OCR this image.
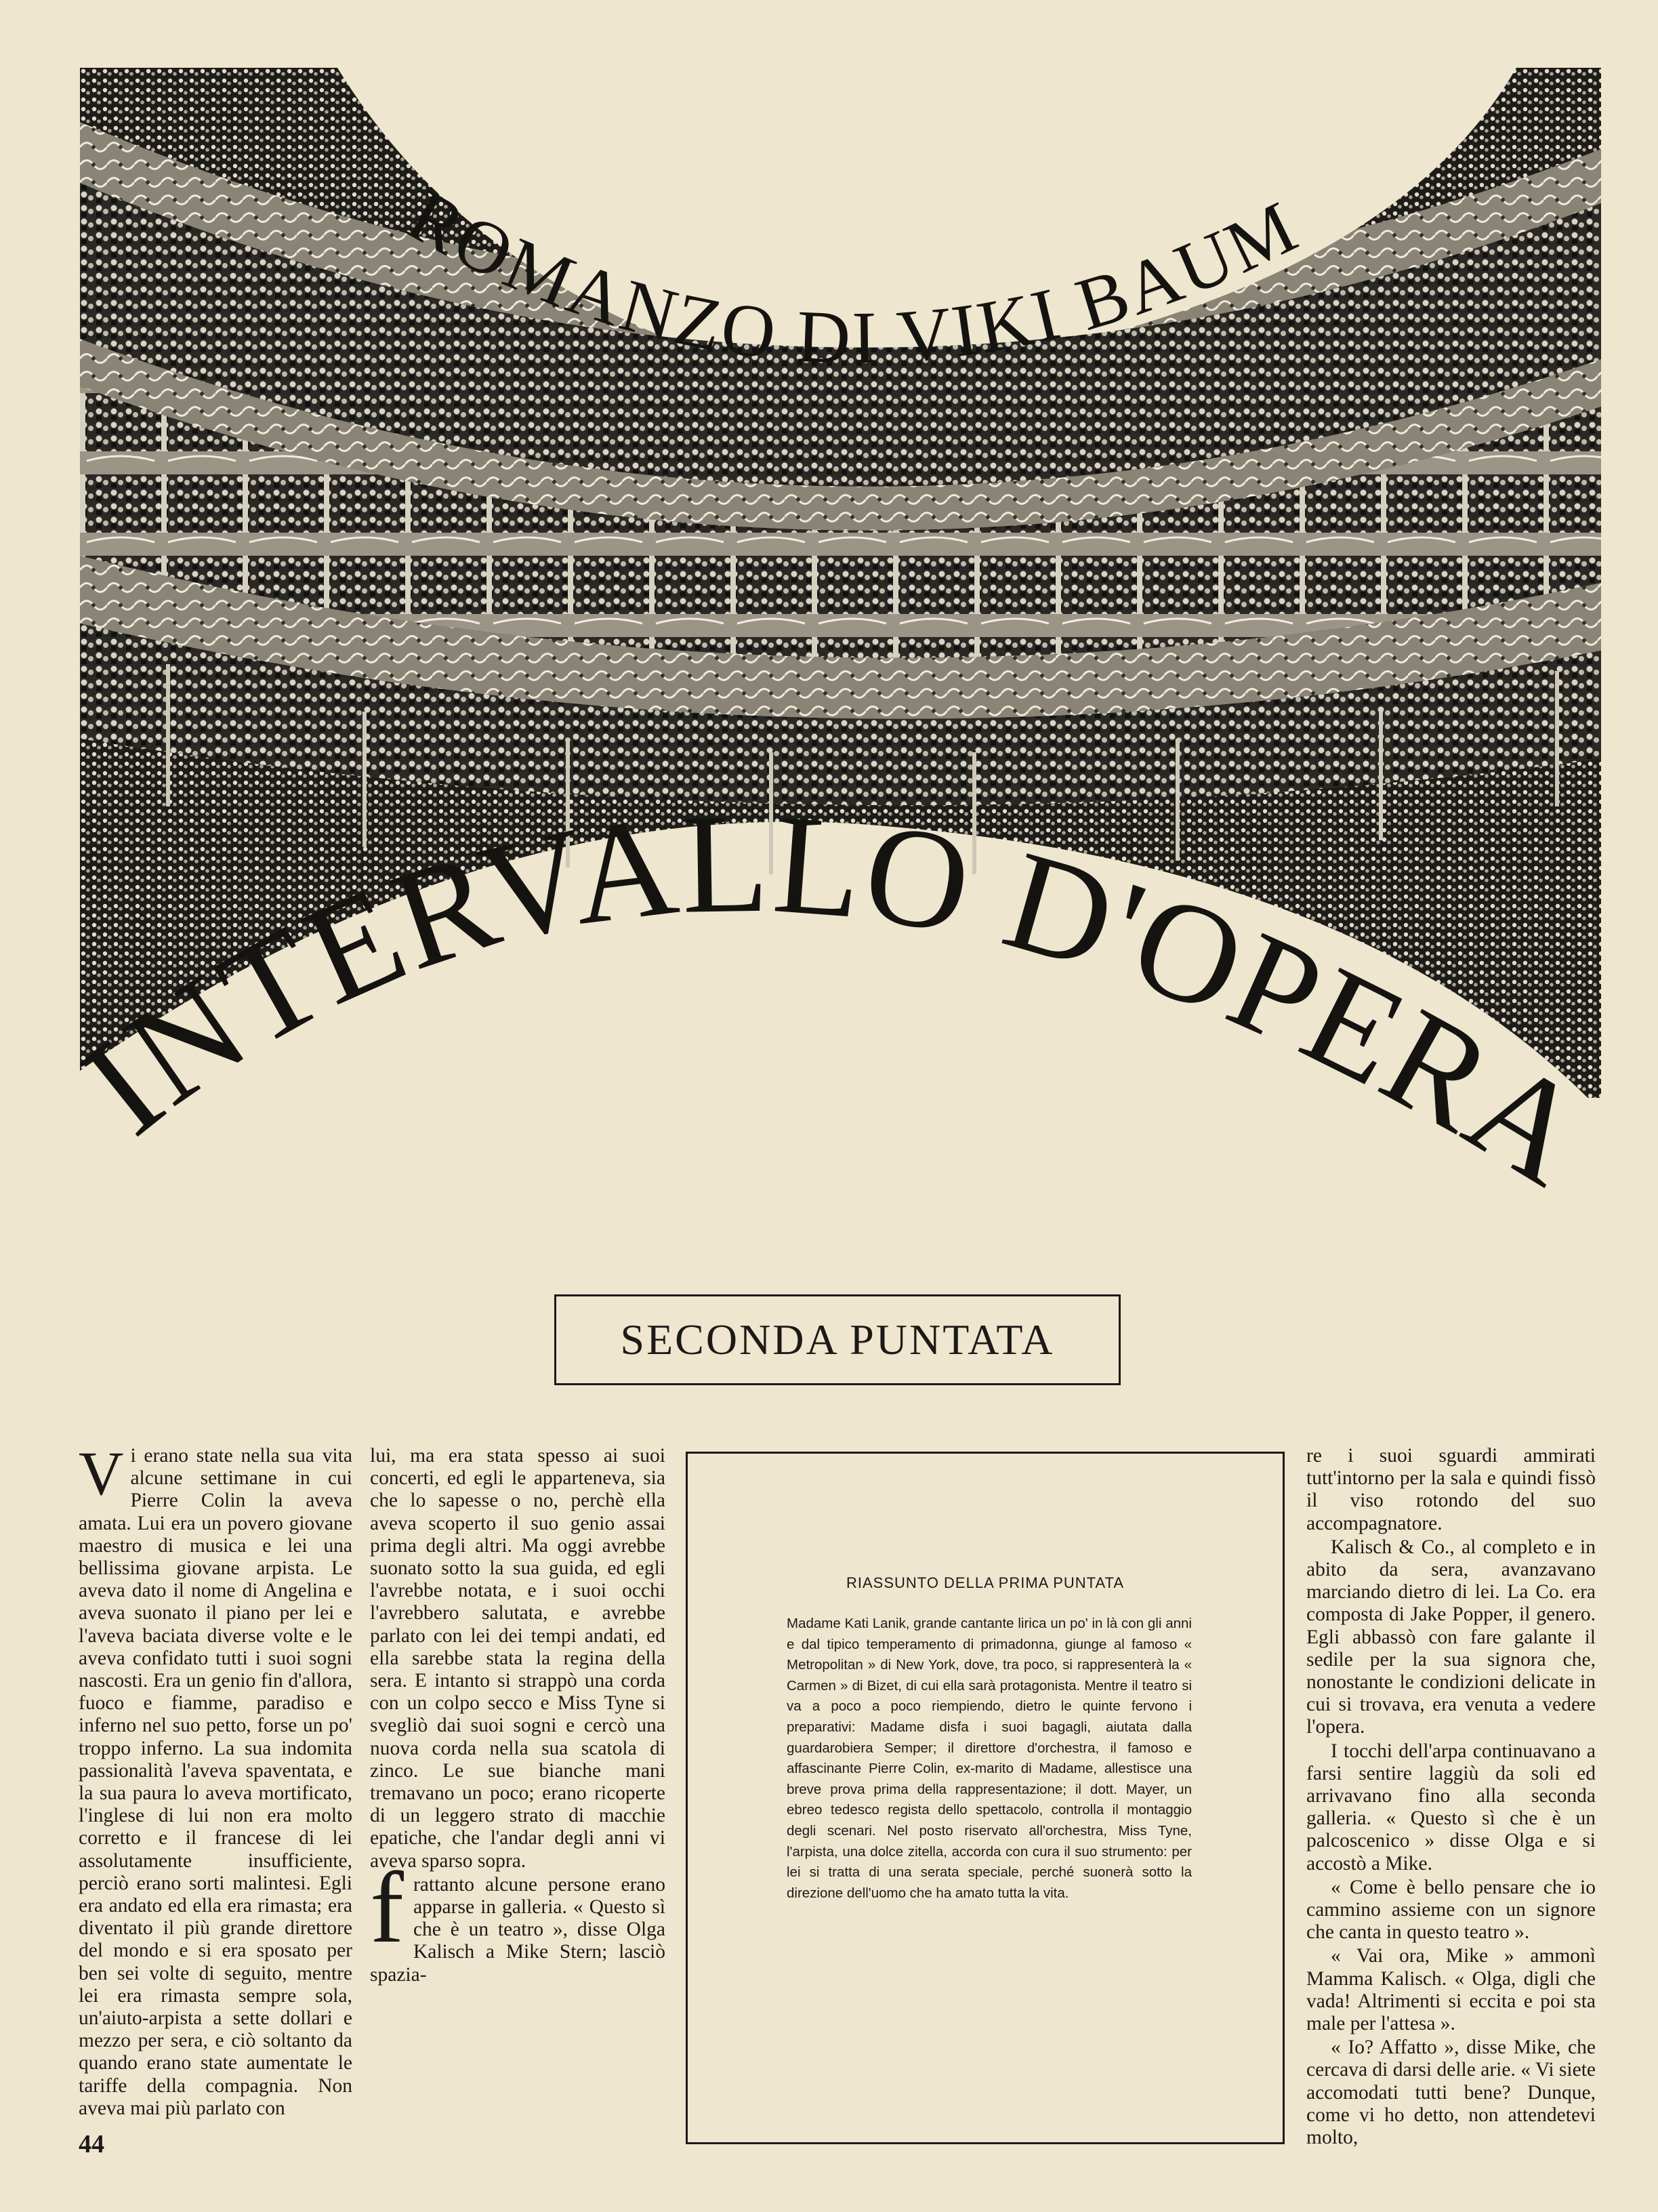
ROMANZO DI VIKI BAUM
INTERVALLO D'OPERA
SECONDA PUNTATA

Vi erano state nella sua vita alcune settimane in cui Pierre Colin la aveva amata. Lui era un povero giovane maestro di musica e lei una bellissima giovane arpista. Le aveva dato il nome di Angelina e aveva suonato il piano per lei e l'aveva baciata diverse volte e le aveva confidato tutti i suoi sogni nascosti. Era un genio fin d'allora, fuoco e fiamme, paradiso e inferno nel suo petto, forse un po' troppo inferno. La sua indomita passionalità l'aveva spaventata, e la sua paura lo aveva mortificato, l'inglese di lui non era molto corretto e il francese di lei assolutamente insufficiente, perciò erano sorti malintesi. Egli era andato ed ella era rimasta; era diventato il più grande direttore del mondo e si era sposato per ben sei volte di seguito, mentre lei era rimasta sempre sola, un'aiuto-arpista a sette dollari e mezzo per sera, e ciò soltanto da quando erano state aumentate le tariffe della compagnia. Non aveva mai più parlato con

lui, ma era stata spesso ai suoi concerti, ed egli le apparteneva, sia che lo sapesse o no, perchè ella aveva scoperto il suo genio assai prima degli altri. Ma oggi avrebbe suonato sotto la sua guida, ed egli l'avrebbe notata, e i suoi occhi l'avrebbero salutata, e avrebbe parlato con lei dei tempi andati, ed ella sarebbe stata la regina della sera. E intanto si strappò una corda con un colpo secco e Miss Tyne si svegliò dai suoi sogni e cercò una nuova corda nella sua scatola di zinco. Le sue bianche mani tremavano un poco; erano ricoperte di un leggero strato di macchie epatiche, che l'andar degli anni vi aveva sparso sopra.

frattanto alcune persone erano apparse in galleria. « Questo sì che è un teatro », disse Olga Kalisch a Mike Stern; lasciò spazia-

RIASSUNTO DELLA PRIMA PUNTATA
Madame Kati Lanik, grande cantante lirica un po' in là con gli anni e dal tipico temperamento di primadonna, giunge al famoso « Metropolitan » di New York, dove, tra poco, si rappresenterà la « Carmen » di Bizet, di cui ella sarà protagonista. Mentre il teatro si va a poco a poco riempiendo, dietro le quinte fervono i preparativi: Madame disfa i suoi bagagli, aiutata dalla guardarobiera Semper; il direttore d'orchestra, il famoso e affascinante Pierre Colin, ex-marito di Madame, allestisce una breve prova prima della rappresentazione; il dott. Mayer, un ebreo tedesco regista dello spettacolo, controlla il montaggio degli scenari. Nel posto riservato all'orchestra, Miss Tyne, l'arpista, una dolce zitella, accorda con cura il suo strumento: per lei si tratta di una serata speciale, perché suonerà sotto la direzione dell'uomo che ha amato tutta la vita.

re i suoi sguardi ammirati tutt'intorno per la sala e quindi fissò il viso rotondo del suo accompagnatore.

Kalisch & Co., al completo e in abito da sera, avanzavano marciando dietro di lei. La Co. era composta di Jake Popper, il genero. Egli abbassò con fare galante il sedile per la sua signora che, nonostante le condizioni delicate in cui si trovava, era venuta a vedere l'opera.

I tocchi dell'arpa continuavano a farsi sentire laggiù da soli ed arrivavano fino alla seconda galleria. « Questo sì che è un palcoscenico » disse Olga e si accostò a Mike.

« Come è bello pensare che io cammino assieme con un signore che canta in questo teatro ».

« Vai ora, Mike » ammonì Mamma Kalisch. « Olga, digli che vada! Altrimenti si eccita e poi sta male per l'attesa ».

« Io? Affatto », disse Mike, che cercava di darsi delle arie. « Vi siete accomodati tutti bene? Dunque, come vi ho detto, non attendetevi molto,

44
